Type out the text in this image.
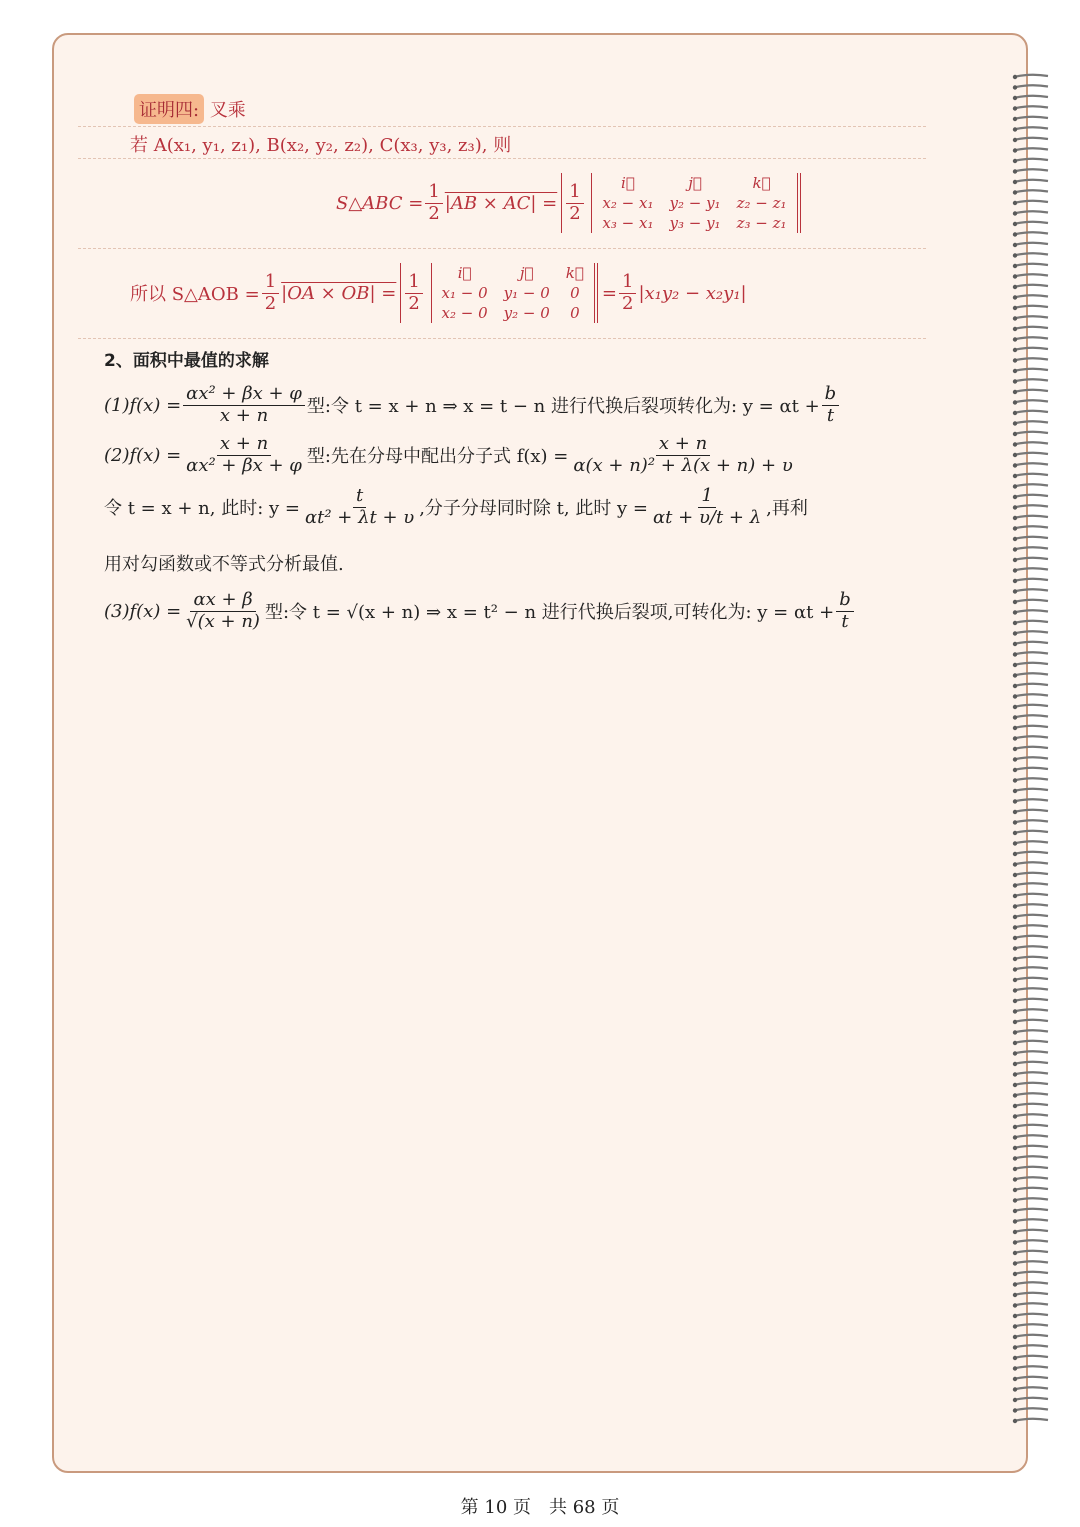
证明四: 叉乘
若 A(x₁, y₁, z₁), B(x₂, y₂, z₂), C(x₃, y₃, z₃), 则
S△ABC = $\frac{1}{2} |AB \times AC| = \frac{1}{2}$ i⃗	j⃗	k⃗
x₂ − x₁	y₂ − y₁	z₂ − z₁
x₃ − x₁	y₃ − y₁	z₃ − z₁
所以 S△AOB = $\frac{1}{2} |OA \times OB| = \frac{1}{2}$ i⃗	j⃗	k⃗
x₁ − 0	y₁ − 0	0
x₂ − 0	y₂ − 0	0
= $\frac{1}{2} |x_1y_2 - x_2y_1|$
2、面积中最值的求解
$(1)f(x) = \frac{\text{αx² + βx + φ}}{x + n}$ 型:令 t = x + n ⇒ x = t − n 进行代换后裂项转化为: $y = \alpha t + \frac{b}{t}$
$(2)f(x) = \frac{x + n}{\text{αx² + βx + φ}}$ 型:先在分母中配出分子式 $f(x) = \frac{x + n}{\text{α(x + n)² + λ(x + n) + υ}}$
令 t = x + n, 此时: $y = \frac{t}{\text{αt² + λt + υ}}$ ,分子分母同时除 t, 此时 $y = \frac{1}{\alpha t + \upsilon/t + \lambda}$ ,再利
用对勾函数或不等式分析最值.
$(3)f(x) = \frac{\alpha x + \beta}{√(x + n)}$ 型:令 t = √(x + n) ⇒ x = t² − n 进行代换后裂项,可转化为: $y = \alpha t + \frac{b}{t}$
第 10 页　共 68 页
